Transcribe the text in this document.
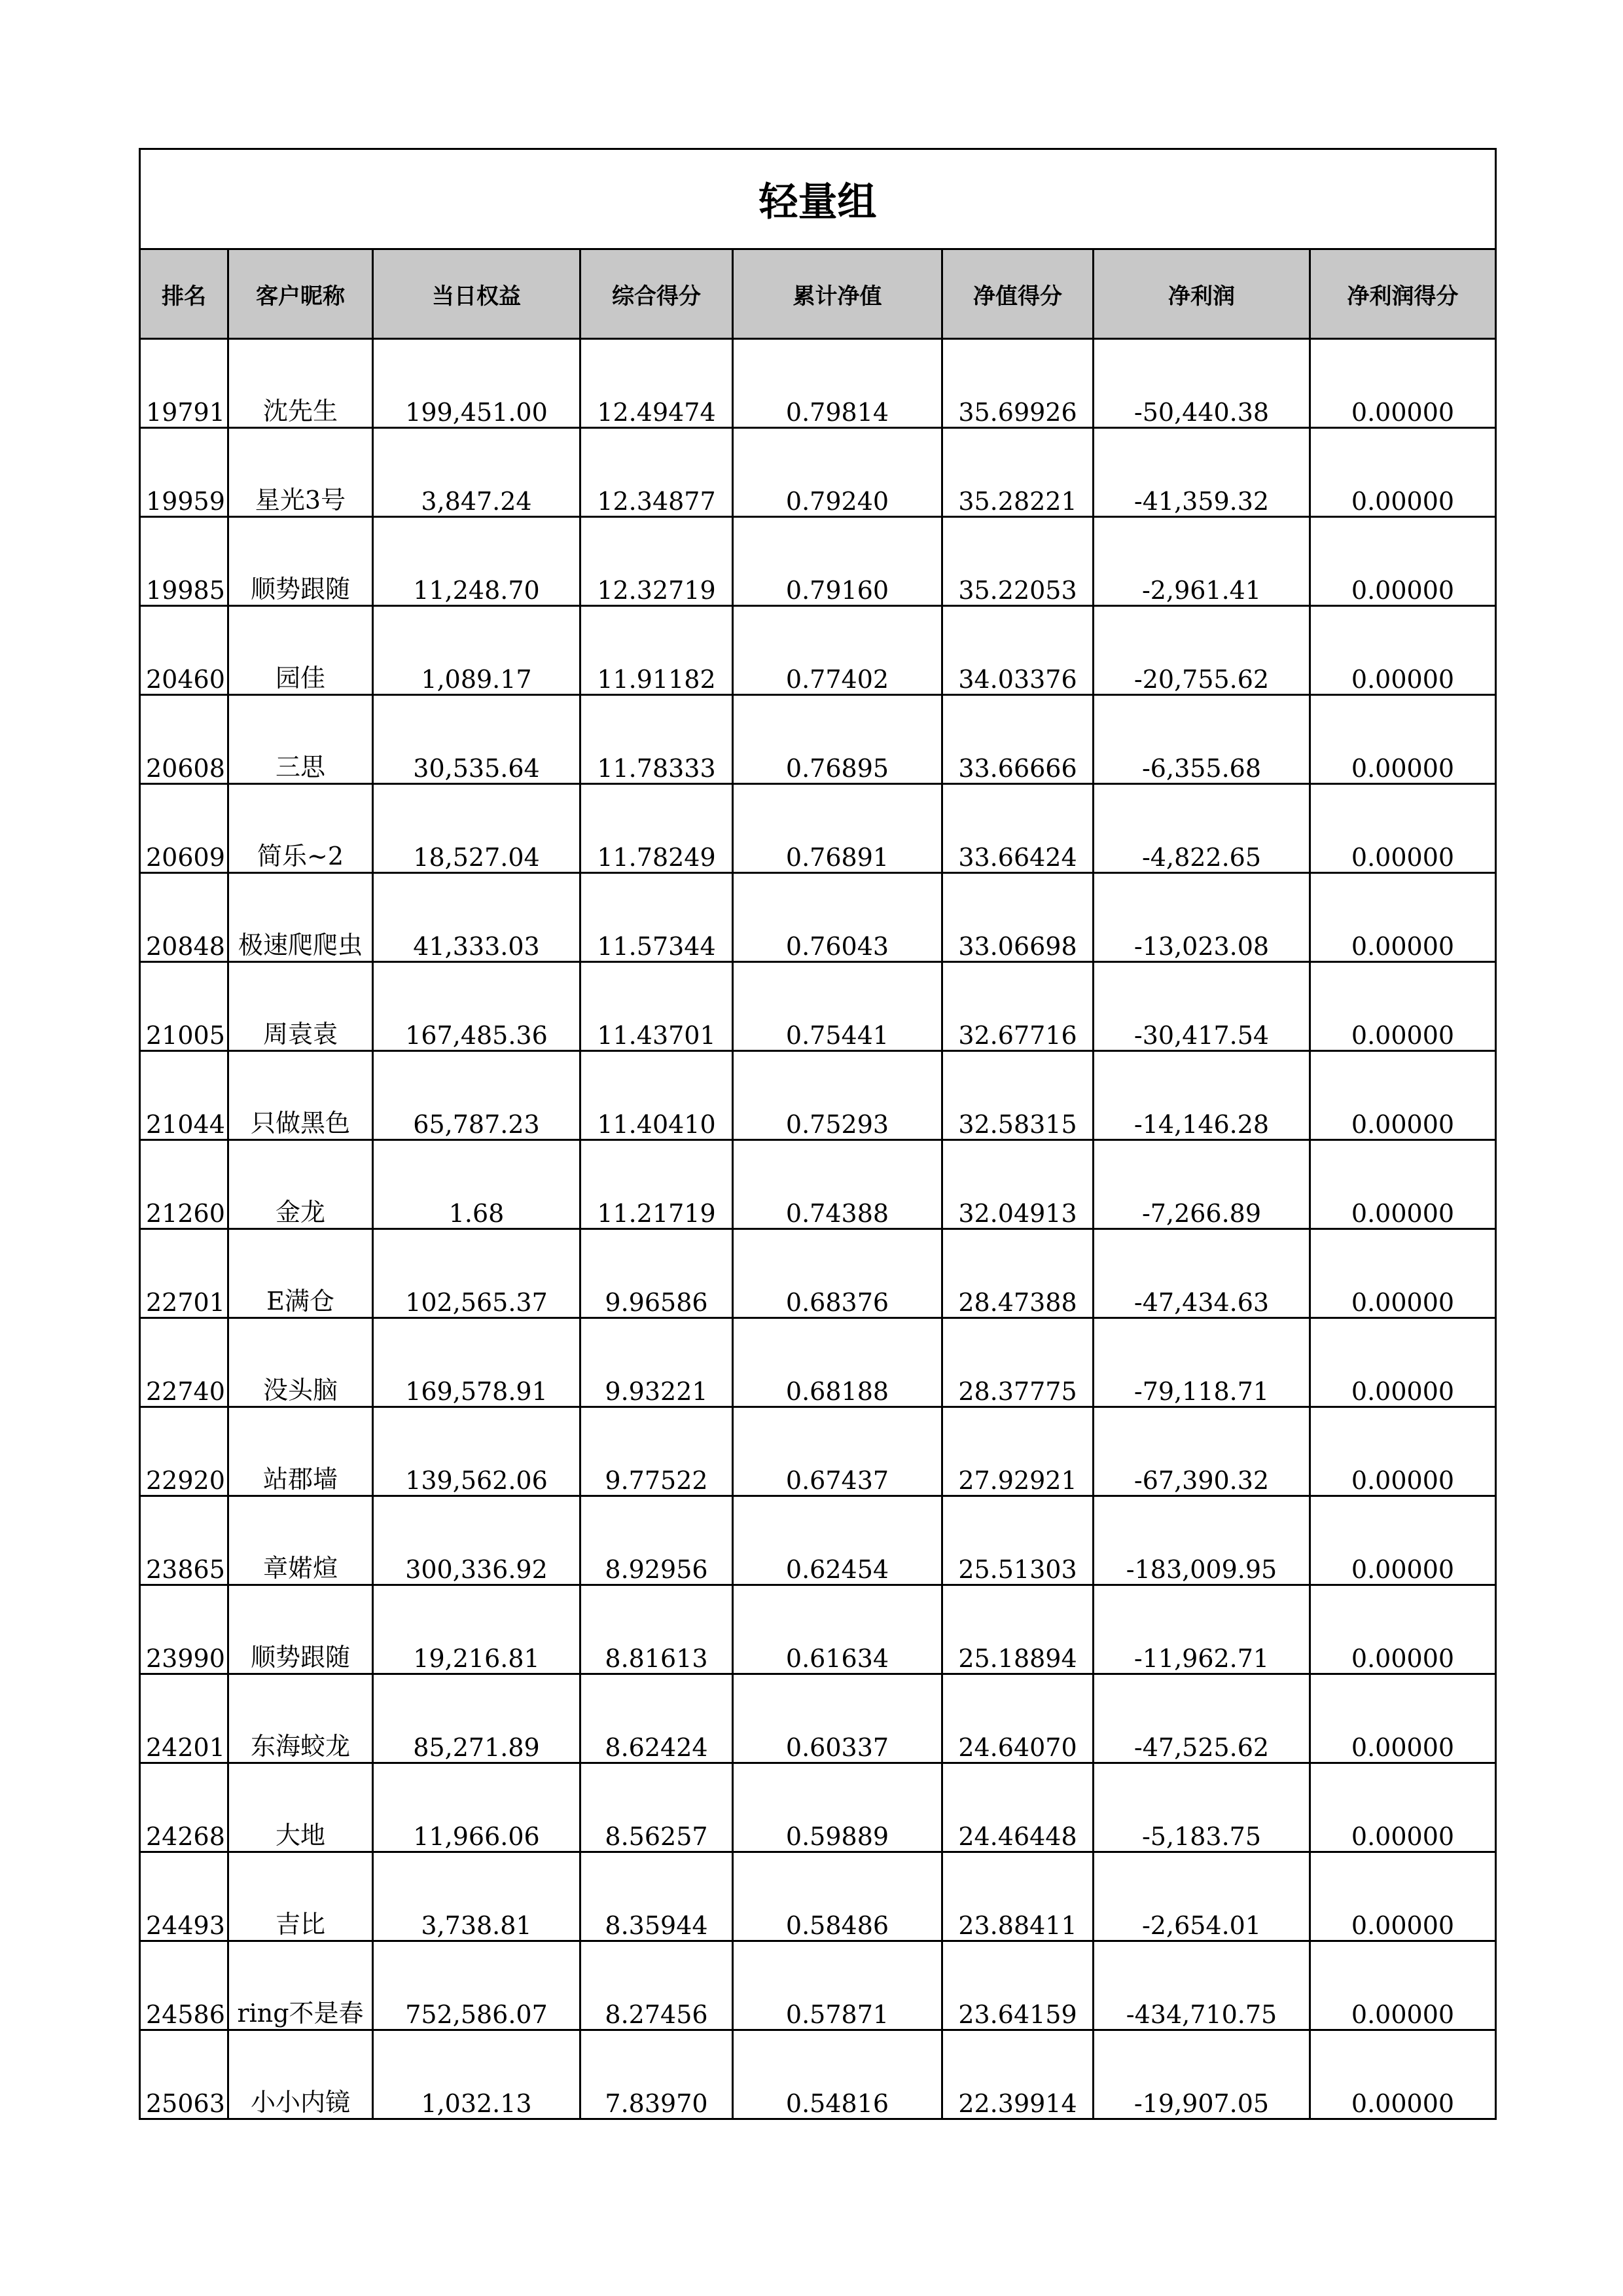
轻量组							
排名	客户昵称	当日权益	综合得分	累计净值	净值得分	净利润	净利润得分
19791	沈先生	199,451.00	12.49474	0.79814	35.69926	-50,440.38	0.00000
19959	星光3号	3,847.24	12.34877	0.79240	35.28221	-41,359.32	0.00000
19985	顺势跟随	11,248.70	12.32719	0.79160	35.22053	-2,961.41	0.00000
20460	园佳	1,089.17	11.91182	0.77402	34.03376	-20,755.62	0.00000
20608	三思	30,535.64	11.78333	0.76895	33.66666	-6,355.68	0.00000
20609	简乐~2	18,527.04	11.78249	0.76891	33.66424	-4,822.65	0.00000
20848	极速爬爬虫	41,333.03	11.57344	0.76043	33.06698	-13,023.08	0.00000
21005	周袁袁	167,485.36	11.43701	0.75441	32.67716	-30,417.54	0.00000
21044	只做黑色	65,787.23	11.40410	0.75293	32.58315	-14,146.28	0.00000
21260	金龙	1.68	11.21719	0.74388	32.04913	-7,266.89	0.00000
22701	E满仓	102,565.37	9.96586	0.68376	28.47388	-47,434.63	0.00000
22740	没头脑	169,578.91	9.93221	0.68188	28.37775	-79,118.71	0.00000
22920	站郡墙	139,562.06	9.77522	0.67437	27.92921	-67,390.32	0.00000
23865	章婼煊	300,336.92	8.92956	0.62454	25.51303	-183,009.95	0.00000
23990	顺势跟随	19,216.81	8.81613	0.61634	25.18894	-11,962.71	0.00000
24201	东海蛟龙	85,271.89	8.62424	0.60337	24.64070	-47,525.62	0.00000
24268	大地	11,966.06	8.56257	0.59889	24.46448	-5,183.75	0.00000
24493	吉比	3,738.81	8.35944	0.58486	23.88411	-2,654.01	0.00000
24586	ring不是春	752,586.07	8.27456	0.57871	23.64159	-434,710.75	0.00000
25063	小小内镜	1,032.13	7.83970	0.54816	22.39914	-19,907.05	0.00000
